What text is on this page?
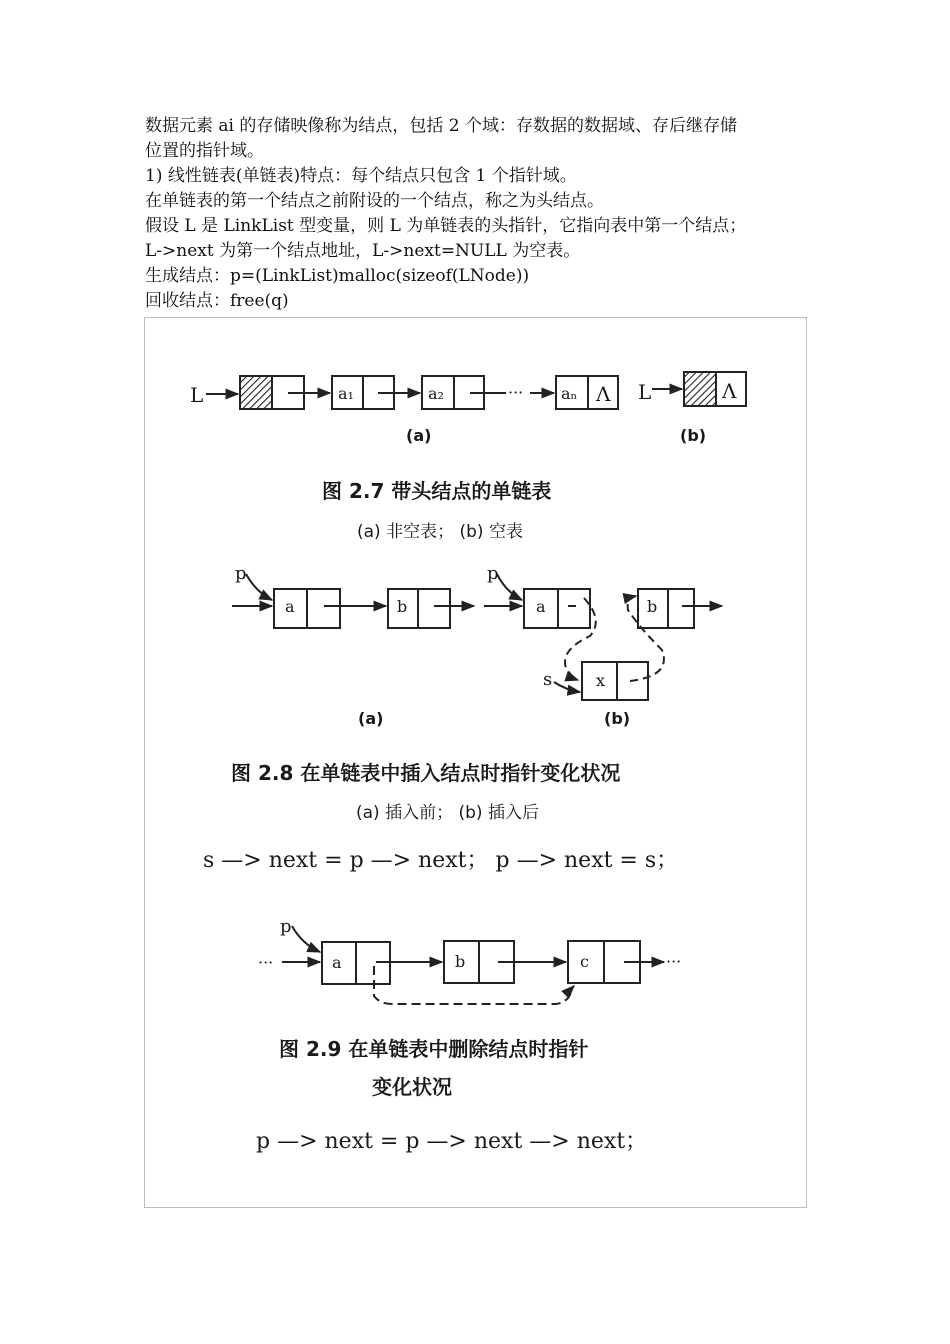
数据元素 ai 的存储映像称为结点，包括 2 个域：存数据的数据域、存后继存储

位置的指针域。

1) 线性链表(单链表)特点：每个结点只包含 1 个指针域。

在单链表的第一个结点之前附设的一个结点，称之为头结点。

假设 L 是 LinkList 型变量，则 L 为单链表的头指针，它指向表中第一个结点；

L->next 为第一个结点地址，L->next=NULL 为空表。

生成结点：p=(LinkList)malloc(sizeof(LNode))

回收结点：free(q)

L	a₁	a₂	··· aₙ Λ
(a)
L	Λ
(b)
图 2.7 带头结点的单链表
(a) 非空表； (b) 空表
p
a	b
(a)
p
a
x
s
b
(b)
图 2.8 在单链表中插入结点时指针变化状况
(a) 插入前； (b) 插入后
s —> next = p —> next； p —> next = s；
p
···	a	b	c	···
图 2.9 在单链表中删除结点时指针
变化状况
p —> next = p —> next —> next；
